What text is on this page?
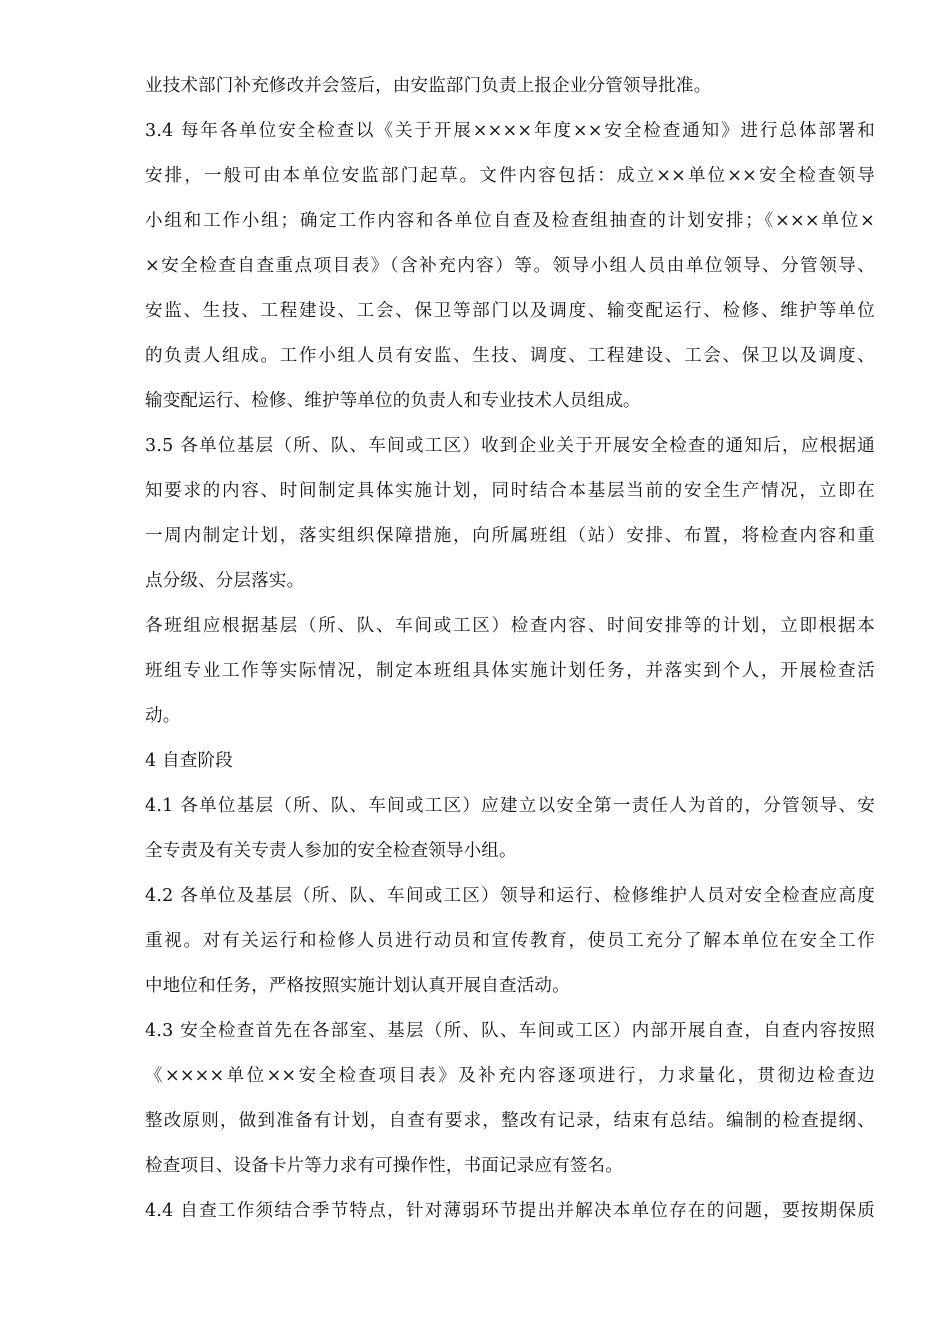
业技术部门补充修改并会签后，由安监部门负责上报企业分管领导批准。
3.4 每年各单位安全检查以《关于开展××××年度××安全检查通知》进行总体部署和
安排，一般可由本单位安监部门起草。文件内容包括：成立××单位××安全检查领导
小组和工作小组；确定工作内容和各单位自查及检查组抽查的计划安排；《×××单位×
×安全检查自查重点项目表》（含补充内容）等。领导小组人员由单位领导、分管领导、
安监、生技、工程建设、工会、保卫等部门以及调度、输变配运行、检修、维护等单位
的负责人组成。工作小组人员有安监、生技、调度、工程建设、工会、保卫以及调度、
输变配运行、检修、维护等单位的负责人和专业技术人员组成。
3.5 各单位基层（所、队、车间或工区）收到企业关于开展安全检查的通知后，应根据通
知要求的内容、时间制定具体实施计划，同时结合本基层当前的安全生产情况，立即在
一周内制定计划，落实组织保障措施，向所属班组（站）安排、布置，将检查内容和重
点分级、分层落实。
各班组应根据基层（所、队、车间或工区）检查内容、时间安排等的计划，立即根据本
班组专业工作等实际情况，制定本班组具体实施计划任务，并落实到个人，开展检查活
动。
4 自查阶段
4.1 各单位基层（所、队、车间或工区）应建立以安全第一责任人为首的，分管领导、安
全专责及有关专责人参加的安全检查领导小组。
4.2 各单位及基层（所、队、车间或工区）领导和运行、检修维护人员对安全检查应高度
重视。对有关运行和检修人员进行动员和宣传教育，使员工充分了解本单位在安全工作
中地位和任务，严格按照实施计划认真开展自查活动。
4.3 安全检查首先在各部室、基层（所、队、车间或工区）内部开展自查，自查内容按照
《××××单位××安全检查项目表》及补充内容逐项进行，力求量化，贯彻边检查边
整改原则，做到准备有计划，自查有要求，整改有记录，结束有总结。编制的检查提纲、
检查项目、设备卡片等力求有可操作性，书面记录应有签名。
4.4 自查工作须结合季节特点，针对薄弱环节提出并解决本单位存在的问题，要按期保质
